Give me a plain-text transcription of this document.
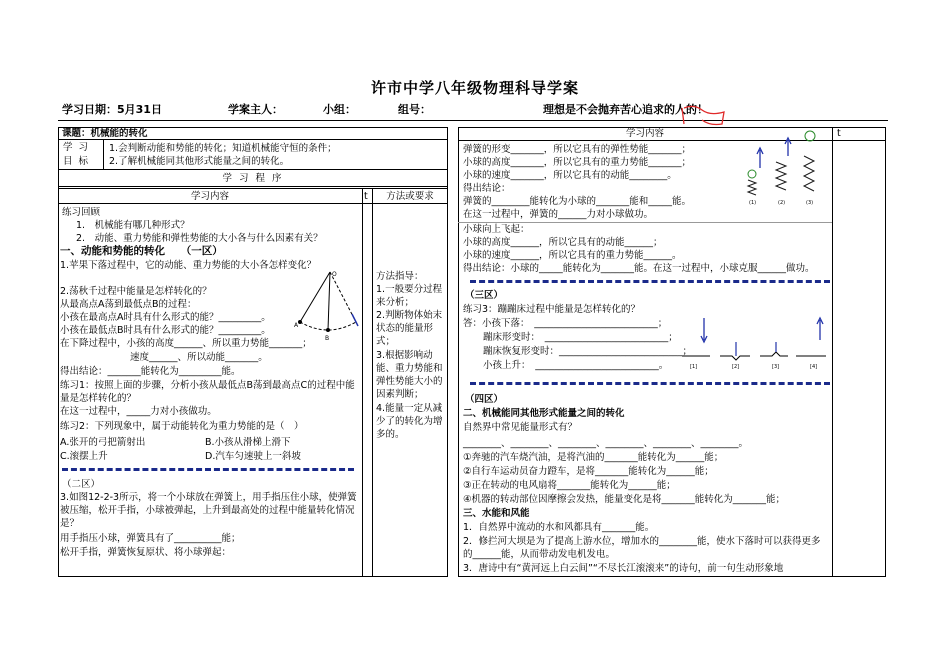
许市中学八年级物理科导学案
学习日期：5月31日	学案主人：	小组：	组号：	理想是不会抛弃苦心追求的人的！
课题：机械能的转化
学习目标
1.会判断动能和势能的转化；知道机械能守恒的条件；
2.了解机械能同其他形式能量之间的转化。
学 习 程 序
学习内容	t	方法或要求
练习回顾
1.　机械能有哪几种形式？
2.　动能、重力势能和弹性势能的大小各与什么因素有关？
一、动能和势能的转化　　（一区）
1.苹果下落过程中，它的动能、重力势能的大小各怎样变化？
2.荡秋千过程中能量是怎样转化的？
从最高点A荡到最低点B的过程：
小孩在最高点A时具有什么形式的能？_________。
小孩在最低点B时具有什么形式的能？_________。
在下降过程中，小孩的高度______、所以重力势能_______；
速度______、所以动能_______。
得出结论：_______能转化为_________能。
A
B
O
练习1：按照上面的步骤，分析小孩从最低点B荡到最高点C的过程中能量是怎样转化的？
在这一过程中，_____力对小孩做功。
练习2：下列现象中，属于动能转化为重力势能的是（　）
A.张开的弓把箭射出	B.小孩从滑梯上滑下
C.滚摆上升	D.汽车匀速驶上一斜坡
（二区）
3.如图12-2-3所示，将一个小球放在弹簧上，用手指压住小球，使弹簧被压缩，松开手指，小球被弹起，上升到最高处的过程中能量转化情况是？
用手指压小球，弹簧具有了__________能；
松开手指，弹簧恢复原状、将小球弹起：
方法指导：
1.一般要分过程来分析；
2.判断物体始末状态的能量形式；
3.根据影响动能、重力势能和弹性势能大小的因素判断；
4.能量一定从减少了的转化为增多的。
学习内容	t
弹簧的形变_______，所以它具有的弹性势能_______；
小球的高度_______，所以它具有的重力势能_______；
小球的速度_______，所以它具有的动能________。
得出结论：
弹簧的________能转化为小球的_______能和_____能。
在这一过程中，弹簧的______力对小球做功。
小球向上飞起：
小球的高度______，所以它具有的动能______；
小球的速度______，所以它具有的重力势能______。
得出结论：小球的_____能转化为_______能。在这一过程中，小球克服______做功。
(1)	(2)	(3)
（三区）
练习3：蹦蹦床过程中能量是怎样转化的？
答：小孩下落：　__________________________；
蹦床形变时：　__________________________；
蹦床恢复形变时：__________________________；
小孩上升：　__________________________。	[1]	[2]	[3]	[4]
（四区）
二、机械能同其他形式能量之间的转化
自然界中常见能量形式有？
________、________、________、________、________、________。
①奔驰的汽车烧汽油，是将汽油的_______能转化为______能；
②自行车运动员奋力蹬车，是将_______能转化为______能；
③正在转动的电风扇将_______能转化为______能；
④机器的转动部位因摩擦会发热，能量变化是将_______能转化为_______能；
三、水能和风能
1．自然界中流动的水和风都具有_______能。
2．修拦河大坝是为了提高上游水位，增加水的________能，使水下落时可以获得更多的______能，从而带动发电机发电。
3．唐诗中有“黄河远上白云间”“不尽长江滚滚来”的诗句，前一句生动形象地
